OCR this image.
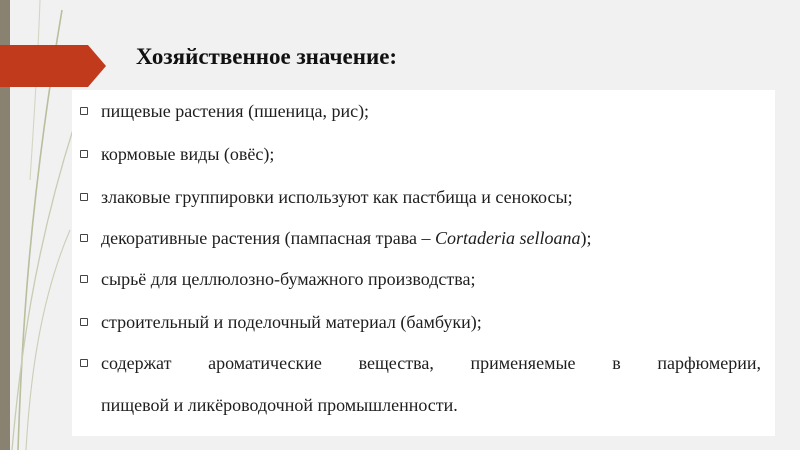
Хозяйственное значение:
пищевые растения (пшеница, рис);
кормовые виды (овёс);
злаковые группировки используют как пастбища и сенокосы;
декоративные растения (пампасная трава – Cortaderia selloana);
сырьё для целлюлозно-бумажного производства;
строительный и поделочный материал (бамбуки);
содержат ароматические вещества, применяемые в парфюмерии,
пищевой и ликёроводочной промышленности.
